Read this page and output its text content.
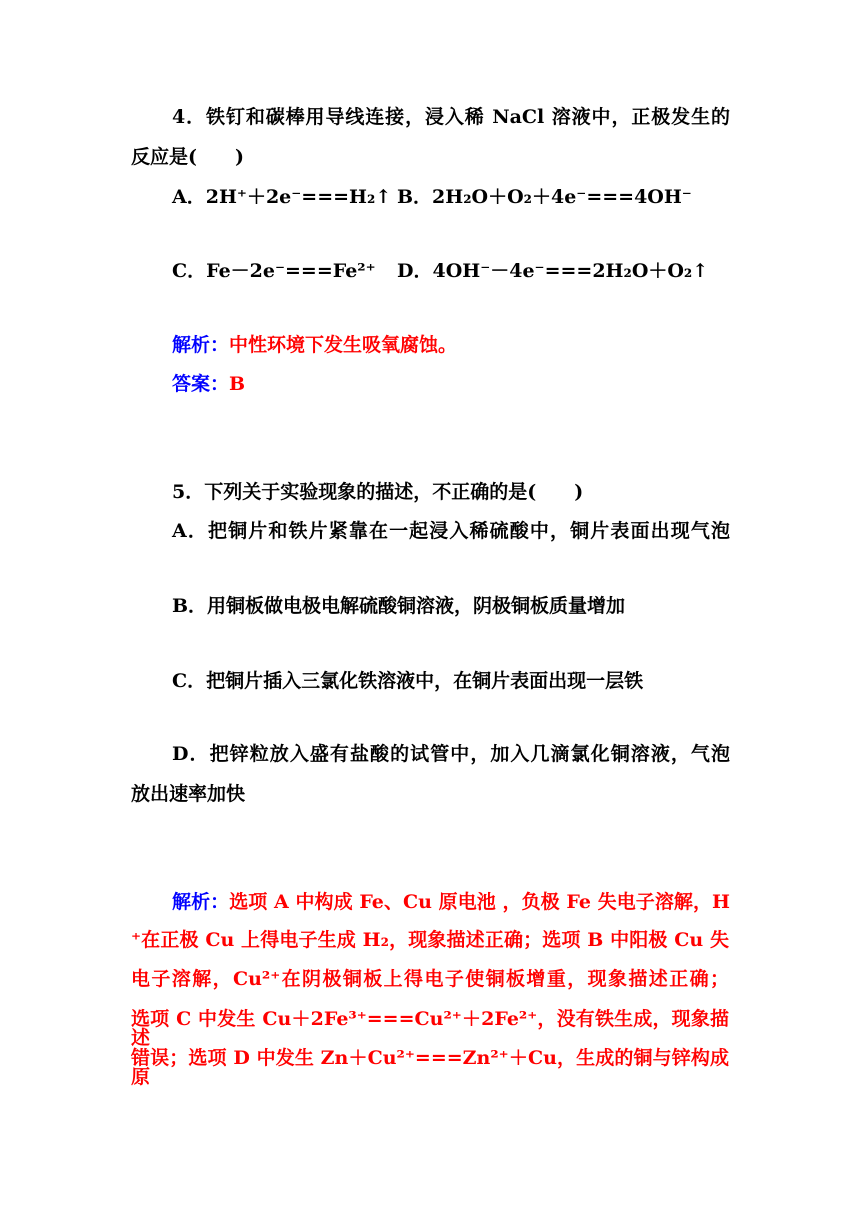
4．铁钉和碳棒用导线连接，浸入稀 NaCl 溶液中，正极发生的
反应是(　　)
A．2H⁺＋2e⁻===H₂↑ B．2H₂O＋O₂＋4e⁻===4OH⁻
C．Fe－2e⁻===Fe²⁺ D．4OH⁻－4e⁻===2H₂O＋O₂↑
解析：中性环境下发生吸氧腐蚀。
答案：B
5．下列关于实验现象的描述，不正确的是(　　)
A．把铜片和铁片紧靠在一起浸入稀硫酸中，铜片表面出现气泡
B．用铜板做电极电解硫酸铜溶液，阴极铜板质量增加
C．把铜片插入三氯化铁溶液中，在铜片表面出现一层铁
D．把锌粒放入盛有盐酸的试管中，加入几滴氯化铜溶液，气泡
放出速率加快
解析：选项 A 中构成 Fe、Cu 原电池 ，负极 Fe 失电子溶解，H
⁺在正极 Cu 上得电子生成 H₂，现象描述正确；选项 B 中阳极 Cu 失
电子溶解，Cu²⁺在阴极铜板上得电子使铜板增重，现象描述正确；
选项 C 中发生 Cu＋2Fe³⁺===Cu²⁺＋2Fe²⁺，没有铁生成，现象描述
错误；选项 D 中发生 Zn＋Cu²⁺===Zn²⁺＋Cu，生成的铜与锌构成原
